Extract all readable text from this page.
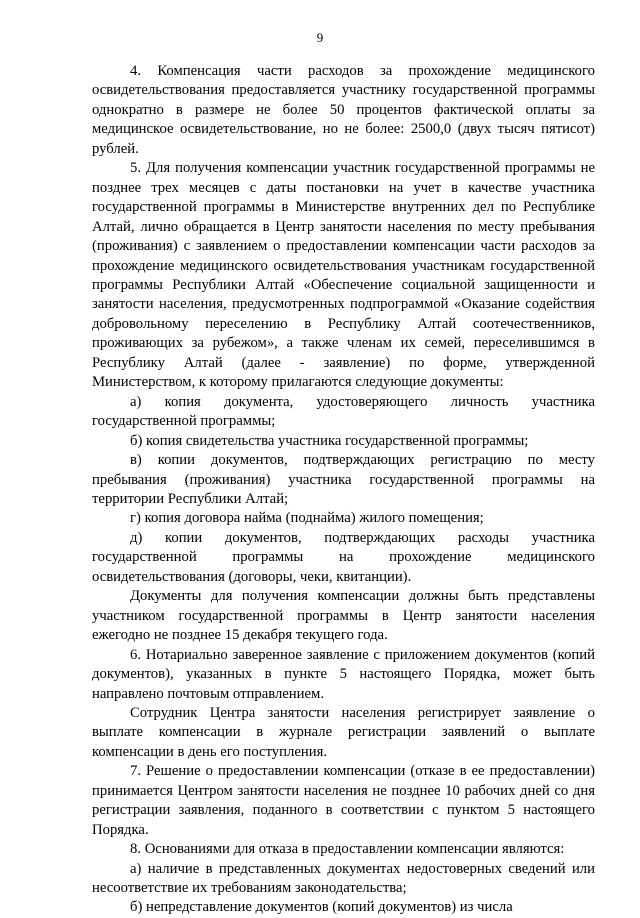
9

4. Компенсация части расходов за прохождение медицинского освидетельствования предоставляется участнику государственной программы однократно в размере не более 50 процентов фактической оплаты за медицинское освидетельствование, но не более: 2500,0 (двух тысяч пятисот) рублей.

5. Для получения компенсации участник государственной программы не позднее трех месяцев с даты постановки на учет в качестве участника государственной программы в Министерстве внутренних дел по Республике Алтай, лично обращается в Центр занятости населения по месту пребывания (проживания) с заявлением о предоставлении компенсации части расходов за прохождение медицинского освидетельствования участникам государственной программы Республики Алтай «Обеспечение социальной защищенности и занятости населения, предусмотренных подпрограммой «Оказание содействия добровольному переселению в Республику Алтай соотечественников, проживающих за рубежом», а также членам их семей, переселившимся в Республику Алтай (далее - заявление) по форме, утвержденной Министерством, к которому прилагаются следующие документы:

а) копия документа, удостоверяющего личность участника государственной программы;

б) копия свидетельства участника государственной программы;

в) копии документов, подтверждающих регистрацию по месту пребывания (проживания) участника государственной программы на территории Республики Алтай;

г) копия договора найма (поднайма) жилого помещения;

д) копии документов, подтверждающих расходы участника государственной программы на прохождение медицинского освидетельствования (договоры, чеки, квитанции).

Документы для получения компенсации должны быть представлены участником государственной программы в Центр занятости населения ежегодно не позднее 15 декабря текущего года.

6. Нотариально заверенное заявление с приложением документов (копий документов), указанных в пункте 5 настоящего Порядка, может быть направлено почтовым отправлением.

Сотрудник Центра занятости населения регистрирует заявление о выплате компенсации в журнале регистрации заявлений о выплате компенсации в день его поступления.

7. Решение о предоставлении компенсации (отказе в ее предоставлении) принимается Центром занятости населения не позднее 10 рабочих дней со дня регистрации заявления, поданного в соответствии с пунктом 5 настоящего Порядка.

8. Основаниями для отказа в предоставлении компенсации являются:

а) наличие в представленных документах недостоверных сведений или несоответствие их требованиям законодательства;

б) непредставление документов (копий документов) из числа
